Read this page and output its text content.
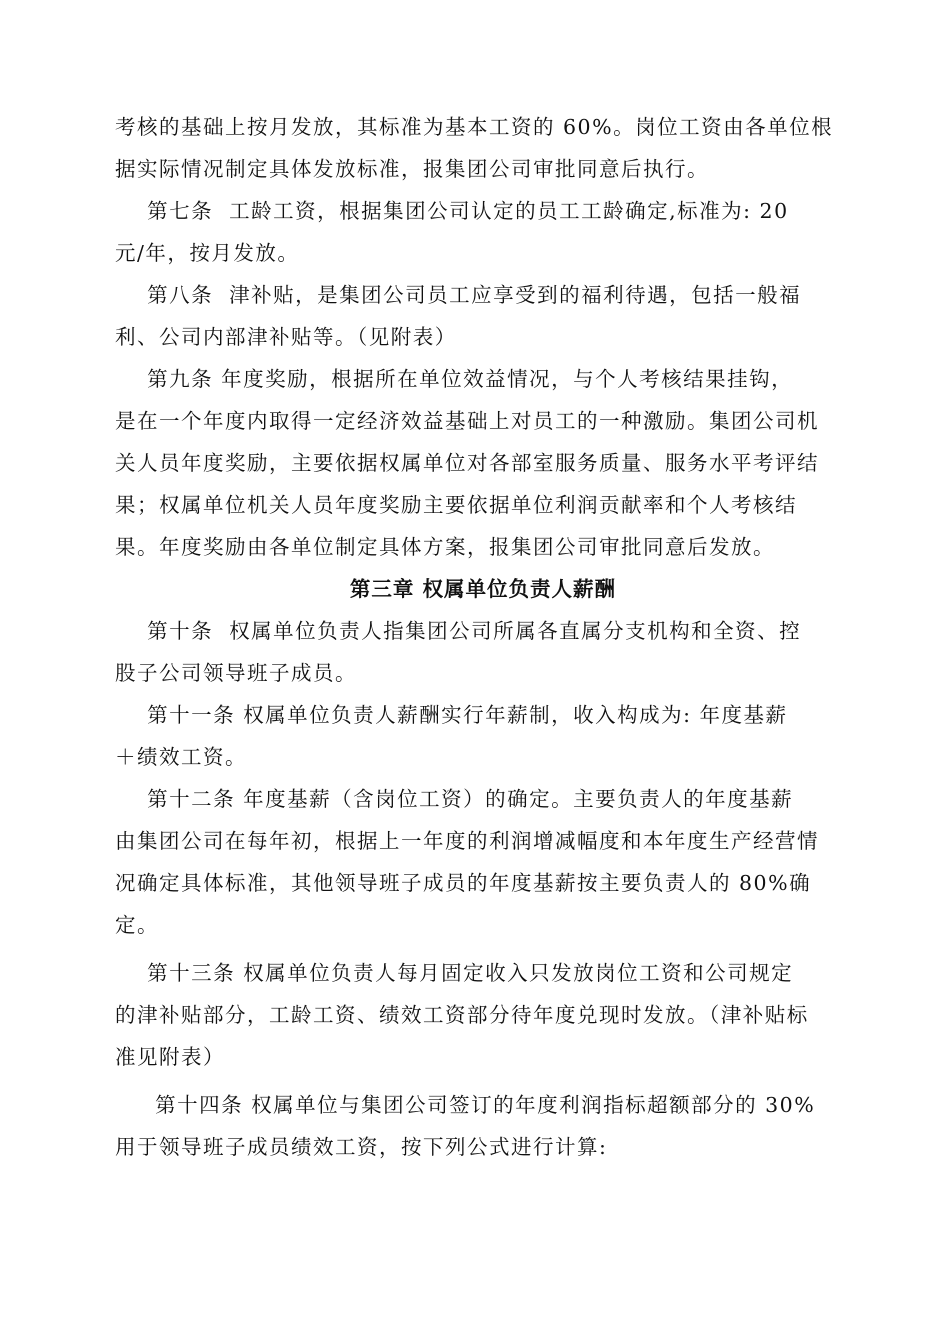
考核的基础上按月发放，其标准为基本工资的 60%。岗位工资由各单位根
据实际情况制定具体发放标准，报集团公司审批同意后执行。
第七条  工龄工资，根据集团公司认定的员工工龄确定,标准为: 20
元/年，按月发放。
第八条  津补贴，是集团公司员工应享受到的福利待遇，包括一般福
利、公司内部津补贴等。（见附表）
第九条 年度奖励，根据所在单位效益情况，与个人考核结果挂钩，
是在一个年度内取得一定经济效益基础上对员工的一种激励。集团公司机
关人员年度奖励，主要依据权属单位对各部室服务质量、服务水平考评结
果；权属单位机关人员年度奖励主要依据单位利润贡献率和个人考核结
果。年度奖励由各单位制定具体方案，报集团公司审批同意后发放。
第三章 权属单位负责人薪酬
第十条  权属单位负责人指集团公司所属各直属分支机构和全资、控
股子公司领导班子成员。
第十一条 权属单位负责人薪酬实行年薪制，收入构成为: 年度基薪
＋绩效工资。
第十二条 年度基薪（含岗位工资）的确定。主要负责人的年度基薪
由集团公司在每年初，根据上一年度的利润增减幅度和本年度生产经营情
况确定具体标准，其他领导班子成员的年度基薪按主要负责人的 80%确
定。
第十三条 权属单位负责人每月固定收入只发放岗位工资和公司规定
的津补贴部分，工龄工资、绩效工资部分待年度兑现时发放。（津补贴标
准见附表）
第十四条 权属单位与集团公司签订的年度利润指标超额部分的 30%
用于领导班子成员绩效工资，按下列公式进行计算:
